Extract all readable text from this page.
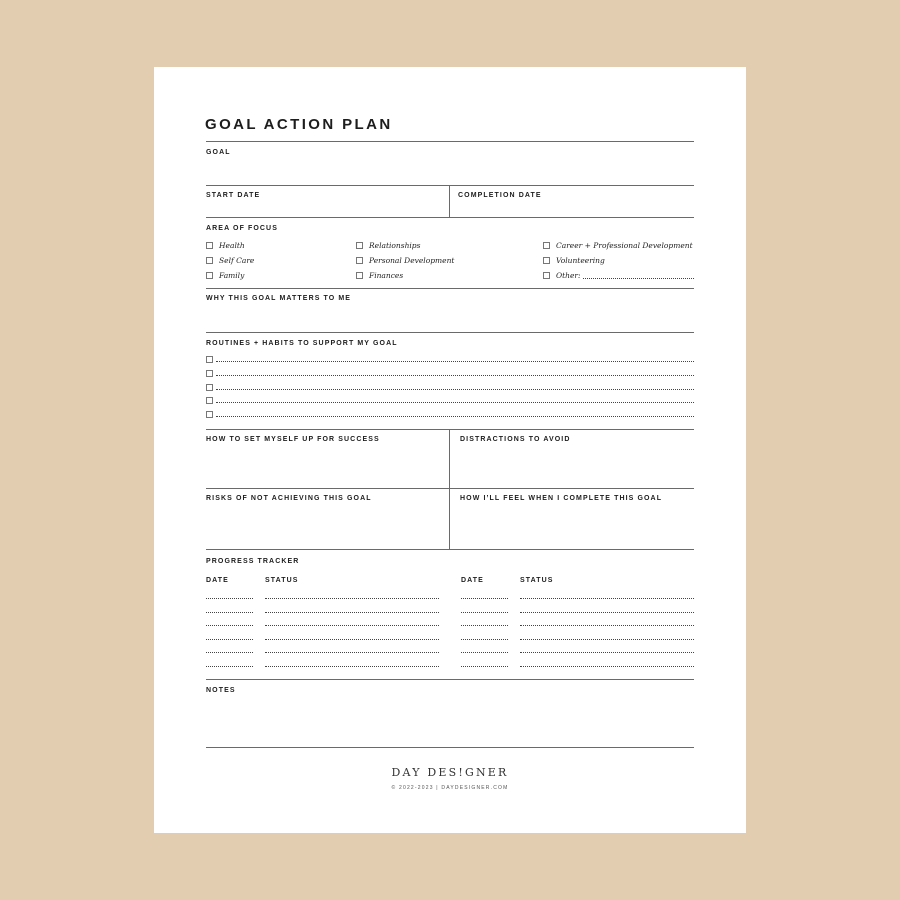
GOAL ACTION PLAN
GOAL
START DATE	COMPLETION DATE
AREA OF FOCUS
Health
Self Care
Family
Relationships
Personal Development
Finances
Career + Professional Development
Volunteering
Other:
WHY THIS GOAL MATTERS TO ME
ROUTINES + HABITS TO SUPPORT MY GOAL
HOW TO SET MYSELF UP FOR SUCCESS	DISTRACTIONS TO AVOID
RISKS OF NOT ACHIEVING THIS GOAL	HOW I’LL FEEL WHEN I COMPLETE THIS GOAL
PROGRESS TRACKER
DATE	STATUS	DATE	STATUS
NOTES
DAY DES!GNER
© 2022-2023 | DAYDESIGNER.COM
